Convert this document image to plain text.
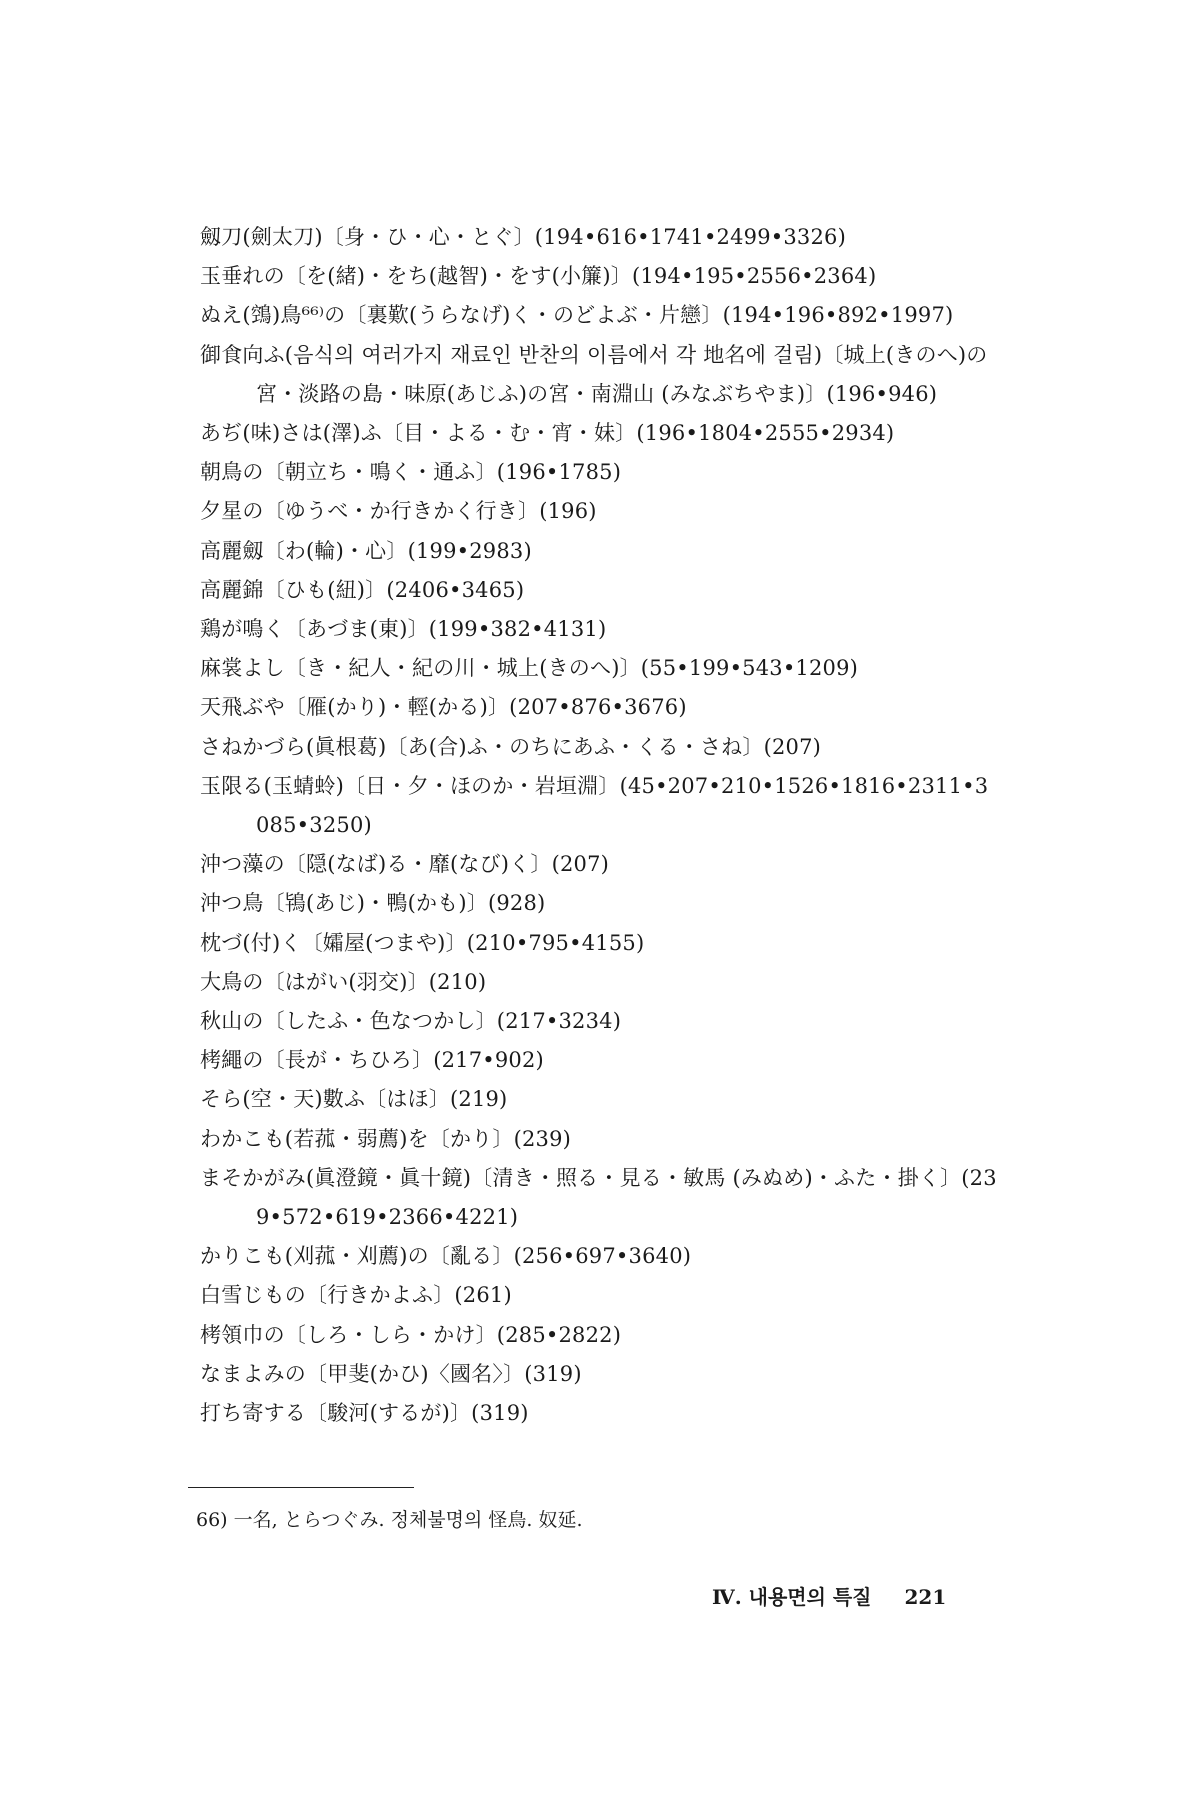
劔刀(劍太刀)〔身・ひ・心・とぐ〕(194•616•1741•2499•3326)
玉垂れの〔を(緒)・をち(越智)・をす(小簾)〕(194•195•2556•2364)
ぬえ(鵼)鳥⁶⁶⁾の〔裏歎(うらなげ)く・のどよぶ・片戀〕(194•196•892•1997)
御食向ふ(음식의 여러가지 재료인 반찬의 이름에서 각 地名에 걸림)〔城上(きのへ)の宮・淡路の島・味原(あじふ)の宮・南淵山 (みなぶちやま)〕(196•946)
あぢ(味)さは(澤)ふ〔目・よる・む・宵・妹〕(196•1804•2555•2934)
朝鳥の〔朝立ち・鳴く・通ふ〕(196•1785)
夕星の〔ゆうべ・か行きかく行き〕(196)
高麗劔〔わ(輪)・心〕(199•2983)
高麗錦〔ひも(紐)〕(2406•3465)
鶏が鳴く〔あづま(東)〕(199•382•4131)
麻裳よし〔き・紀人・紀の川・城上(きのへ)〕(55•199•543•1209)
天飛ぶや〔雁(かり)・輕(かる)〕(207•876•3676)
さねかづら(眞根葛)〔あ(合)ふ・のちにあふ・くる・さね〕(207)
玉限る(玉蜻蛉)〔日・夕・ほのか・岩垣淵〕(45•207•210•1526•1816•2311•3085•3250)
沖つ藻の〔隠(なば)る・靡(なび)く〕(207)
沖つ鳥〔鴇(あじ)・鴨(かも)〕(928)
枕づ(付)く〔孀屋(つまや)〕(210•795•4155)
大鳥の〔はがい(羽交)〕(210)
秋山の〔したふ・色なつかし〕(217•3234)
栲繩の〔長が・ちひろ〕(217•902)
そら(空・天)數ふ〔はほ〕(219)
わかこも(若菰・弱薦)を〔かり〕(239)
まそかがみ(眞澄鏡・眞十鏡)〔清き・照る・見る・敏馬 (みぬめ)・ふた・掛く〕(239•572•619•2366•4221)
かりこも(刈菰・刈薦)の〔亂る〕(256•697•3640)
白雪じもの〔行きかよふ〕(261)
栲領巾の〔しろ・しら・かけ〕(285•2822)
なまよみの〔甲斐(かひ)〈國名〉〕(319)
打ち寄する〔駿河(するが)〕(319)
66) 一名, とらつぐみ. 정체불명의 怪鳥. 奴延.
Ⅳ. 내용면의 특질 221
